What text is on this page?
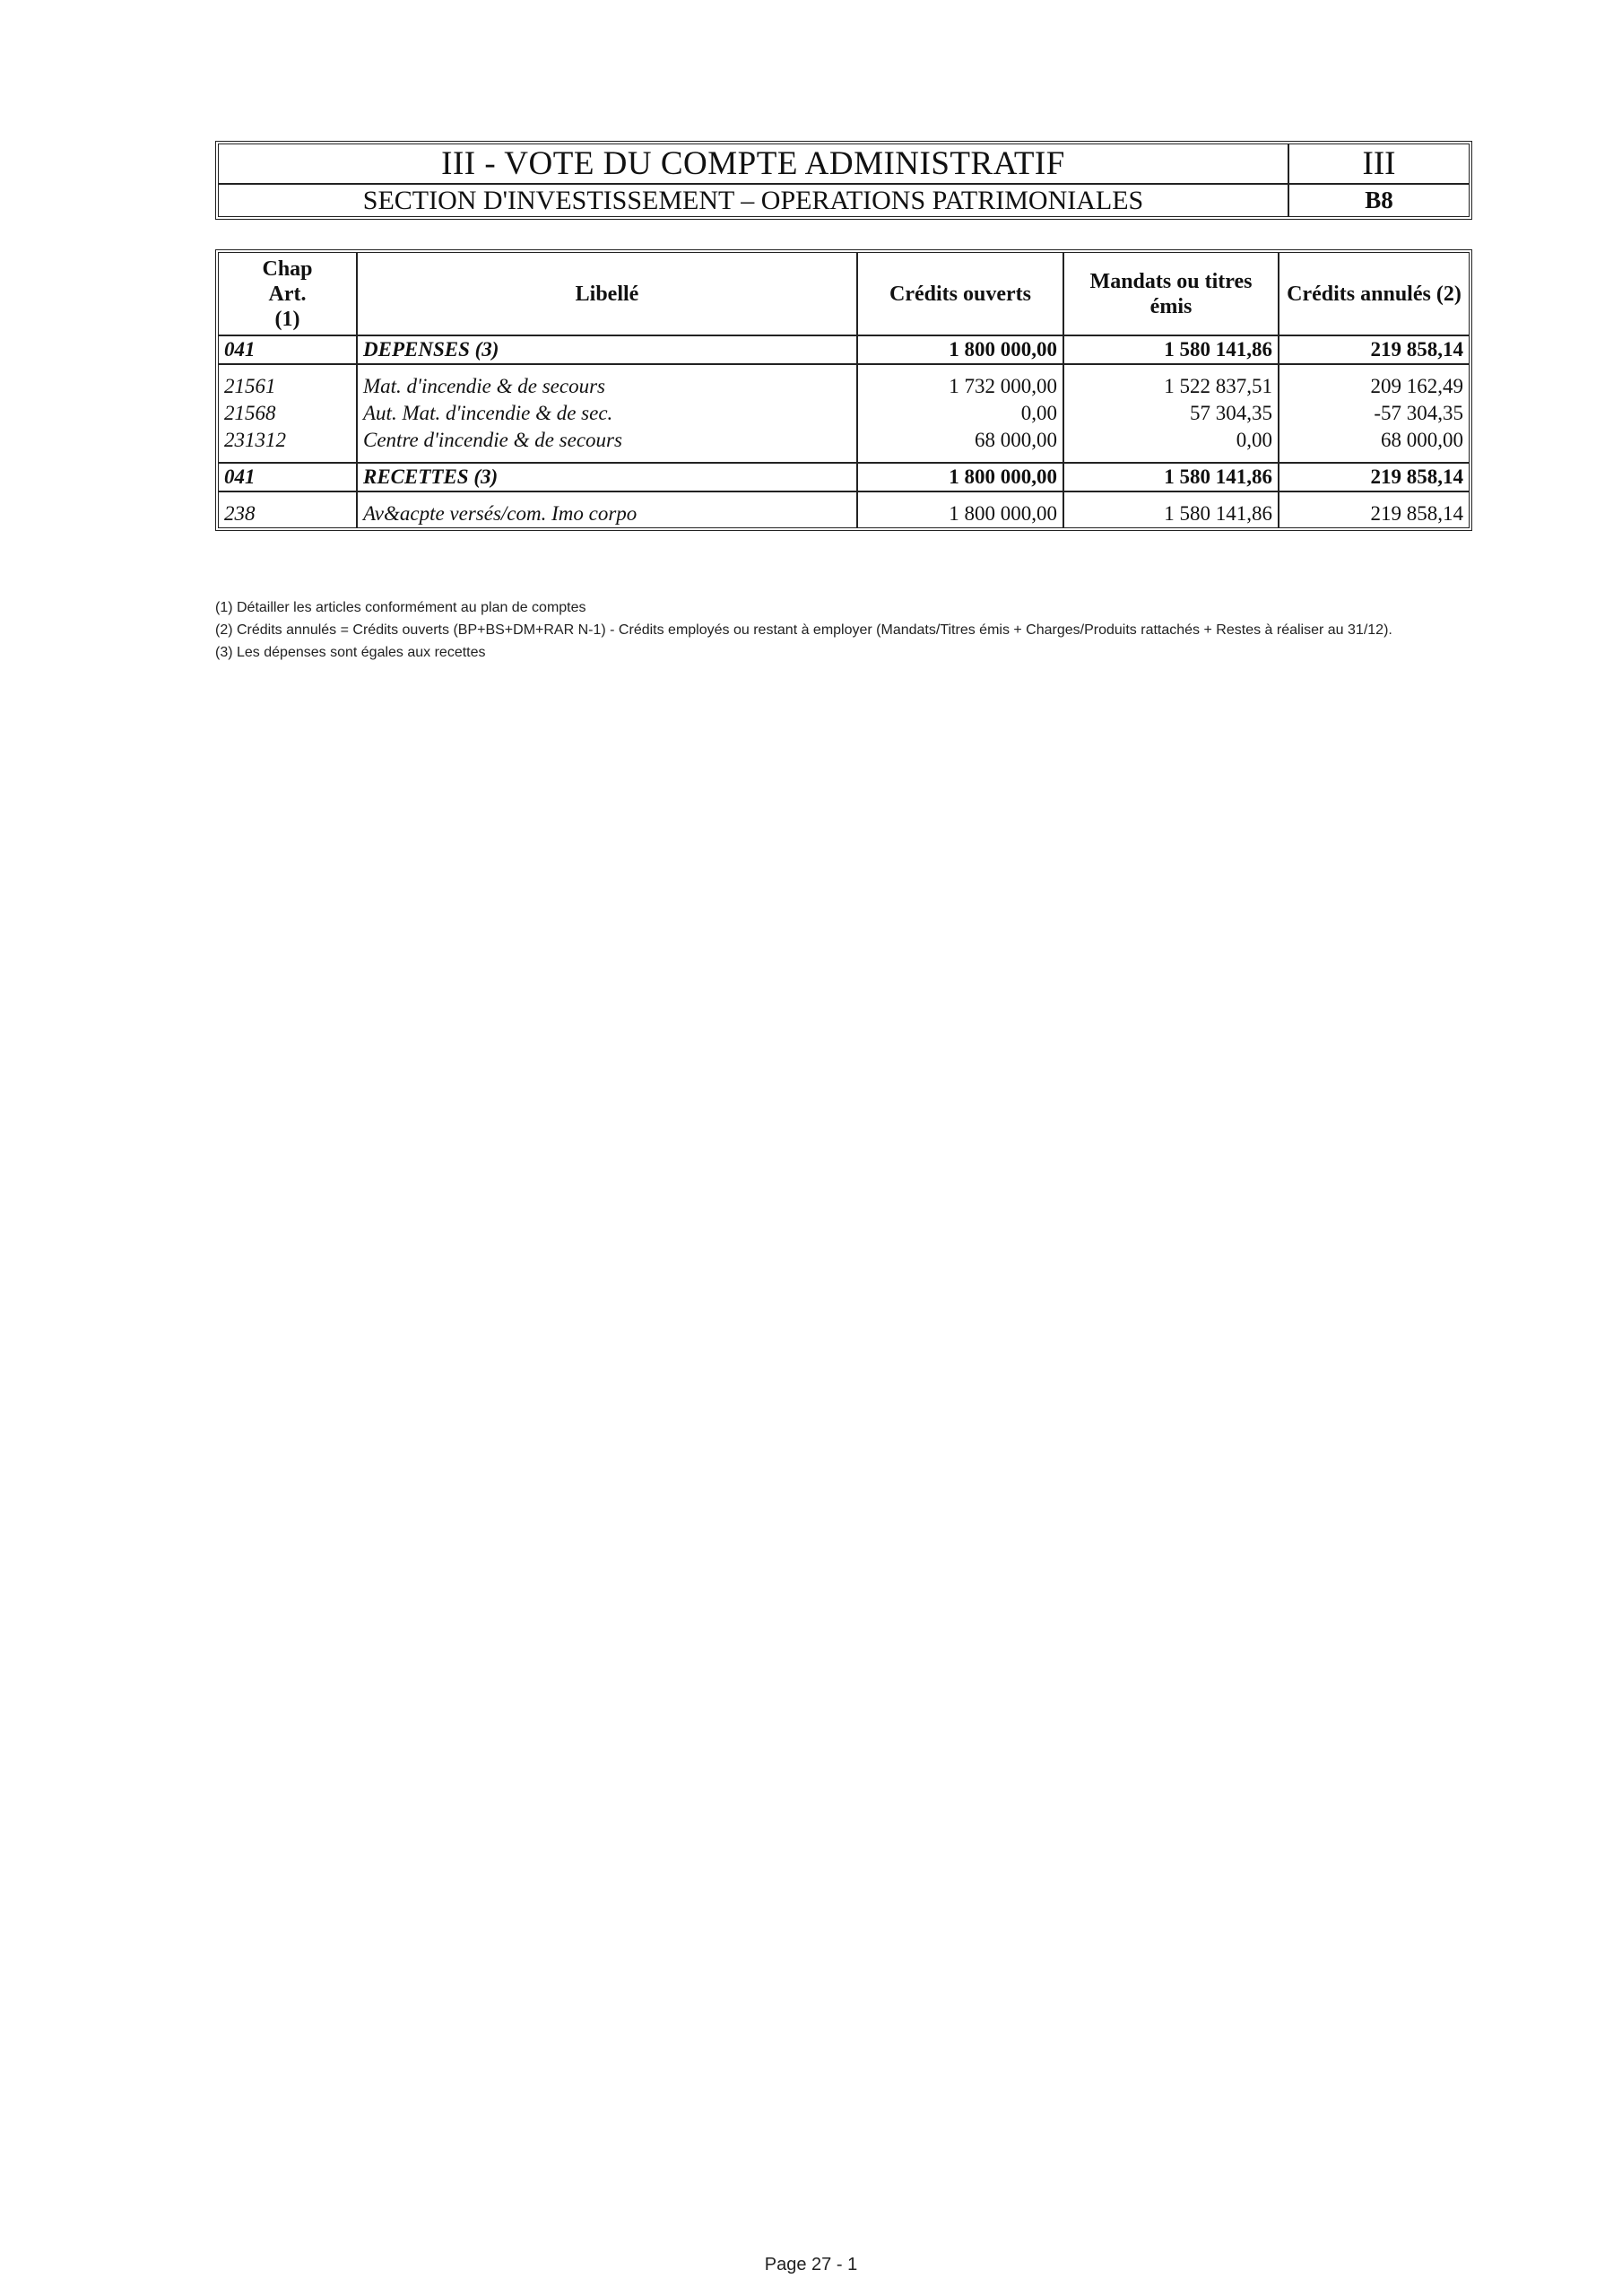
III - VOTE DU COMPTE ADMINISTRATIF	III
SECTION D'INVESTISSEMENT – OPERATIONS PATRIMONIALES	B8
Chap
Art.
(1)	Libellé	Crédits ouverts	Mandats ou titres émis	Crédits annulés (2)
041	DEPENSES (3)	1 800 000,00	1 580 141,86	219 858,14

21561	Mat. d'incendie & de secours	1 732 000,00	1 522 837,51	209 162,49
21568	Aut. Mat. d'incendie & de sec.	0,00	57 304,35	-57 304,35
231312	Centre d'incendie & de secours	68 000,00	0,00	68 000,00

041	RECETTES (3)	1 800 000,00	1 580 141,86	219 858,14

238	Av&acpte versés/com. Imo corpo	1 800 000,00	1 580 141,86	219 858,14

(1) Détailler les articles conformément au plan de comptes

(2) Crédits annulés = Crédits ouverts (BP+BS+DM+RAR N-1) - Crédits employés ou restant à employer (Mandats/Titres émis + Charges/Produits rattachés + Restes à réaliser au 31/12).

(3) Les dépenses sont égales aux recettes

Page 27 - 1
